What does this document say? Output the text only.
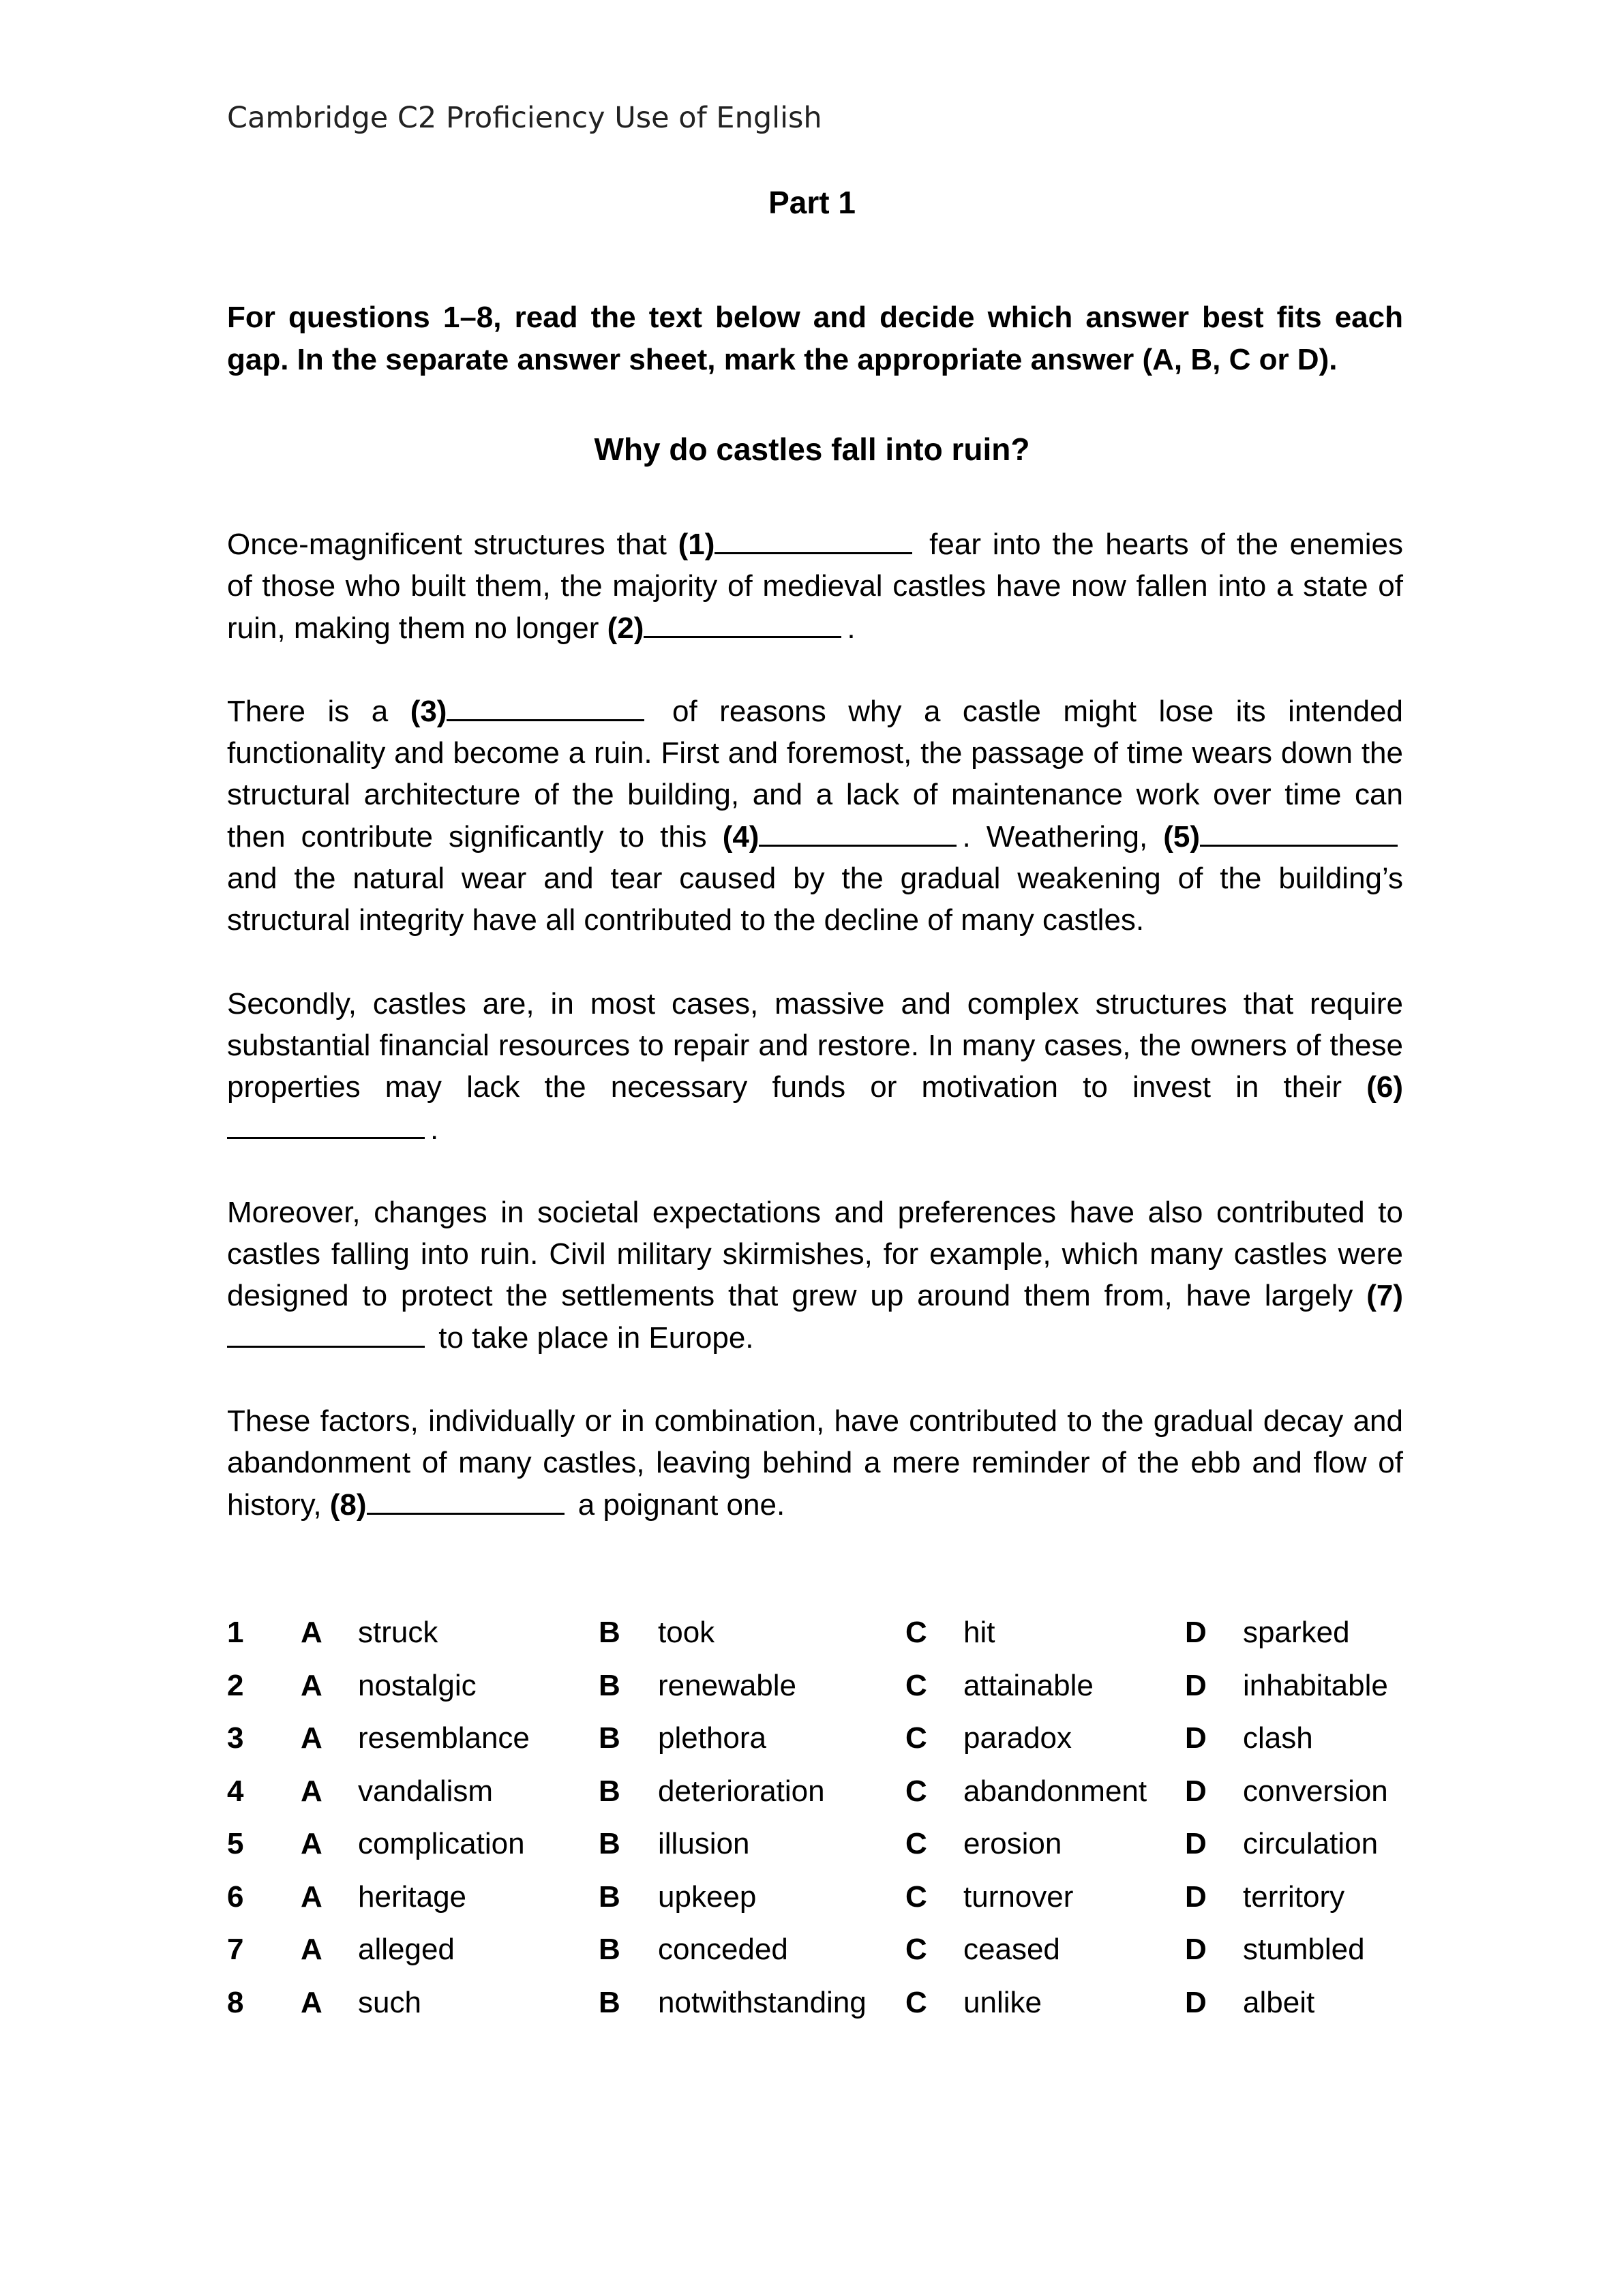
Cambridge C2 Proficiency Use of English
Part 1
For questions 1–8, read the text below and decide which answer best fits each gap. In the separate answer sheet, mark the appropriate answer (A, B, C or D).
Why do castles fall into ruin?

Once-magnificent structures that (1)	fear into the hearts of the enemies of those who built them, the majority of medieval castles have now fallen into a state of ruin, making them no longer (2)	.

There is a (3)	of reasons why a castle might lose its intended functionality and become a ruin. First and foremost, the passage of time wears down the structural architecture of the building, and a lack of maintenance work over time can then contribute significantly to this (4)	. Weathering, (5) and the natural wear and tear caused by the gradual weakening of the building’s structural integrity have all contributed to the decline of many castles.

Secondly, castles are, in most cases, massive and complex structures that require substantial financial resources to repair and restore. In many cases, the owners of these properties may lack the necessary funds or motivation to invest in their (6).

Moreover, changes in societal expectations and preferences have also contributed to castles falling into ruin. Civil military skirmishes, for example, which many castles were designed to protect the settlements that grew up around them from, have largely (7) to take place in Europe.

These factors, individually or in combination, have contributed to the gradual decay and abandonment of many castles, leaving behind a mere reminder of the ebb and flow of history, (8)	a poignant one.

1 A struck	B took	C hit	D sparked
2 A nostalgic	B renewable	C attainable	D inhabitable
3 A resemblance B plethora	C paradox	D clash
4 A vandalism	B deterioration	C abandonment D conversion
5 A complication B illusion	C erosion	D circulation
6 A heritage	B upkeep	C turnover	D territory
7 A alleged	B conceded	C ceased	D stumbled
8 A such	B notwithstanding C unlike	D albeit
